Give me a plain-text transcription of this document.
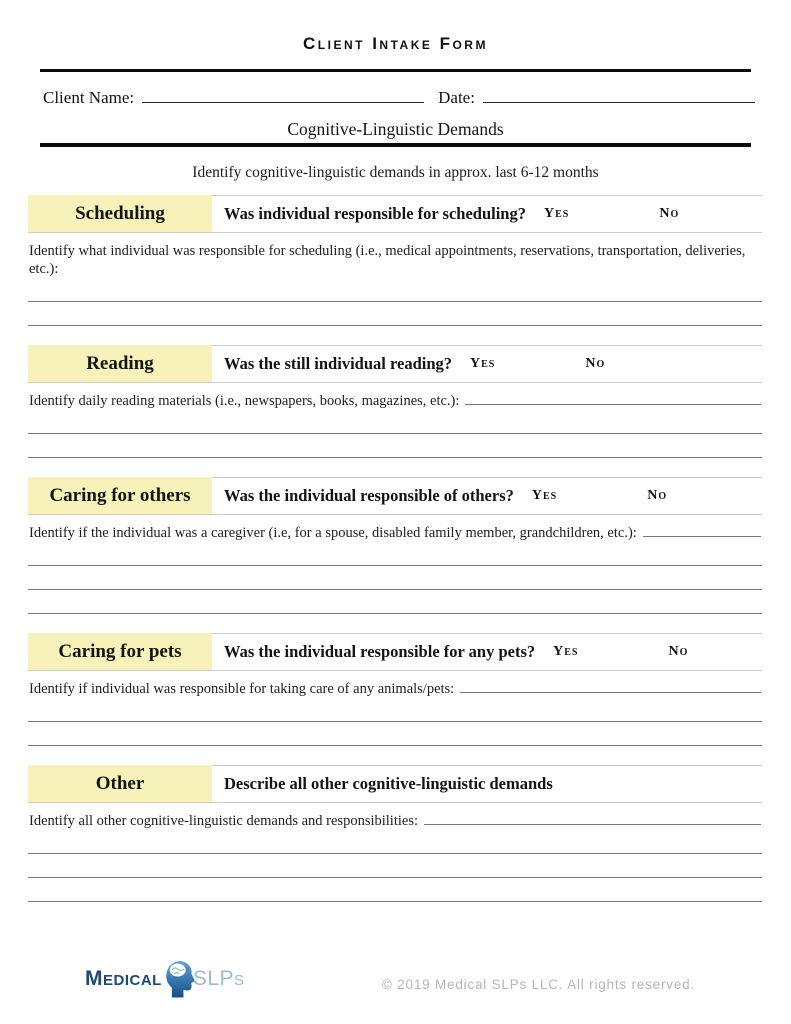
Client Intake Form
Client Name:	Date:
Cognitive-Linguistic Demands
Identify cognitive-linguistic demands in approx. last 6-12 months
Scheduling	Was individual responsible for scheduling? Yes	No
Identify what individual was responsible for scheduling (i.e., medical appointments, reservations, transportation, deliveries, etc.):
Reading	Was the still individual reading? Yes	No
Identify daily reading materials (i.e., newspapers, books, magazines, etc.):
Caring for others	Was the individual responsible of others? Yes	No
Identify if the individual was a caregiver (i.e, for a spouse, disabled family member, grandchildren, etc.):
Caring for pets	Was the individual responsible for any pets? Yes	No
Identify if individual was responsible for taking care of any animals/pets:
Other	Describe all other cognitive-linguistic demands
Identify all other cognitive-linguistic demands and responsibilities:
Medical SLPs	© 2019 Medical SLPs LLC. All rights reserved.
